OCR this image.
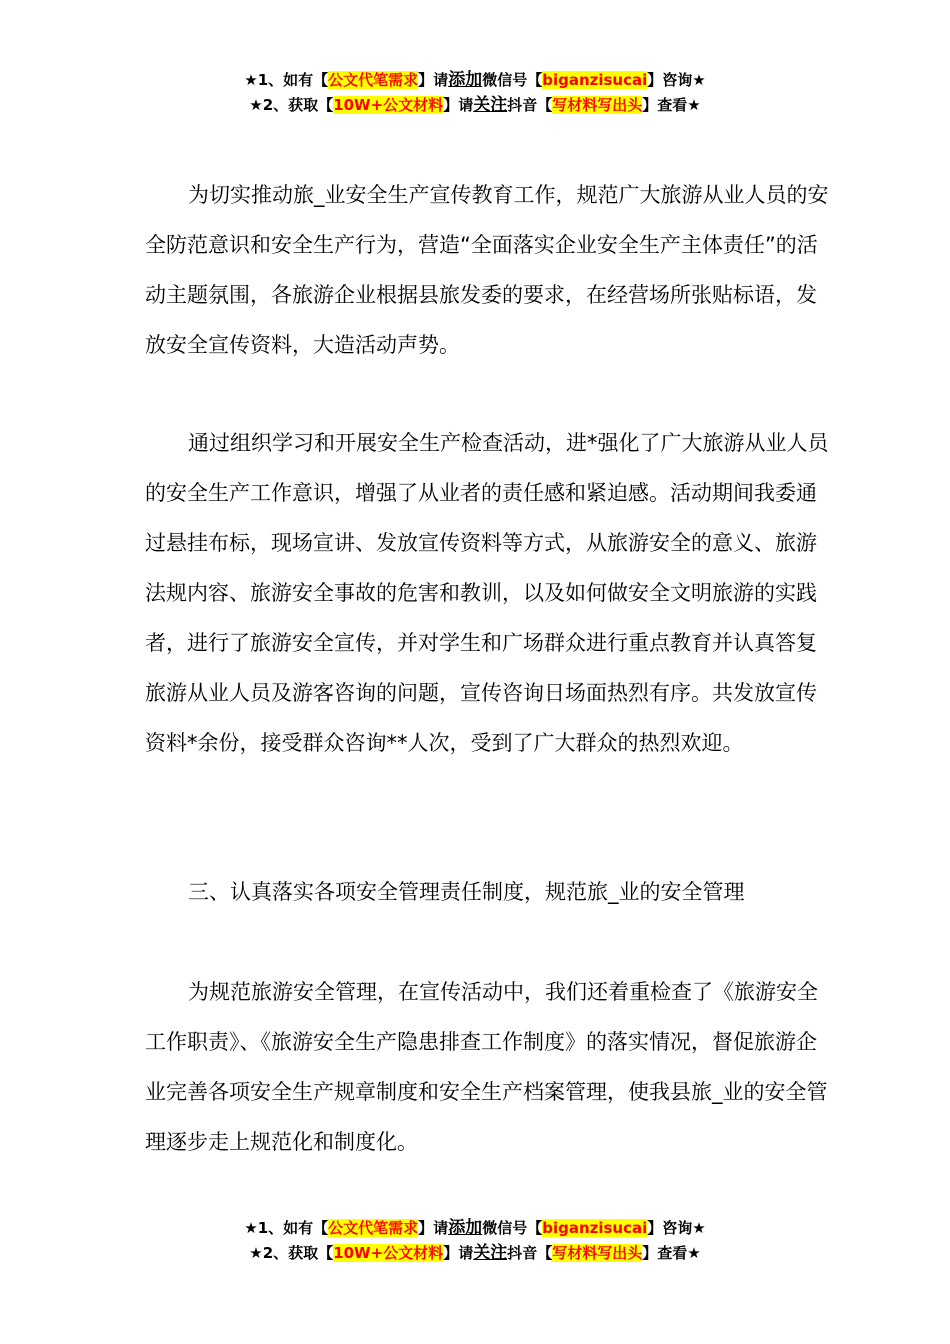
★1、如有【公文代笔需求】请添加微信号【biganzisucai】咨询★
★2、获取【10W+公文材料】请关注抖音【写材料写出头】查看★

为切实推动旅_业安全生产宣传教育工作，规范广大旅游从业人员的安全防范意识和安全生产行为，营造“全面落实企业安全生产主体责任”的活动主题氛围，各旅游企业根据县旅发委的要求，在经营场所张贴标语，发放安全宣传资料，大造活动声势。

通过组织学习和开展安全生产检查活动，进*强化了广大旅游从业人员的安全生产工作意识，增强了从业者的责任感和紧迫感。活动期间我委通过悬挂布标，现场宣讲、发放宣传资料等方式，从旅游安全的意义、旅游法规内容、旅游安全事故的危害和教训，以及如何做安全文明旅游的实践者，进行了旅游安全宣传，并对学生和广场群众进行重点教育并认真答复旅游从业人员及游客咨询的问题，宣传咨询日场面热烈有序。共发放宣传资料*余份，接受群众咨询**人次，受到了广大群众的热烈欢迎。

三、认真落实各项安全管理责任制度，规范旅_业的安全管理

为规范旅游安全管理，在宣传活动中，我们还着重检查了《旅游安全工作职责》、《旅游安全生产隐患排查工作制度》的落实情况，督促旅游企业完善各项安全生产规章制度和安全生产档案管理，使我县旅_业的安全管理逐步走上规范化和制度化。

★1、如有【公文代笔需求】请添加微信号【biganzisucai】咨询★
★2、获取【10W+公文材料】请关注抖音【写材料写出头】查看★
